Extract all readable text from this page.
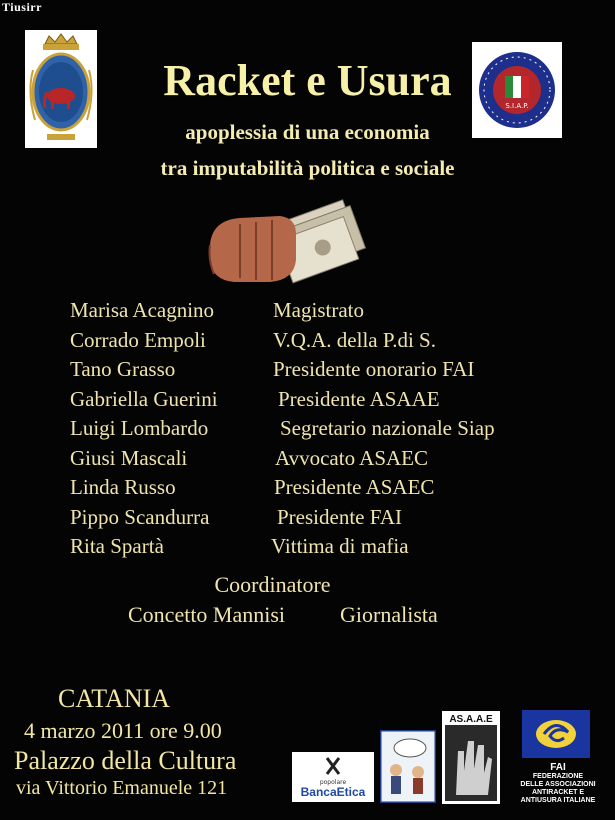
Tiusirr
S.I.A.P.
Racket e Usura
apoplessia di una economia
tra imputabilità politica e sociale
Marisa Acagnino	Magistrato
Corrado Empoli	V.Q.A. della P.di S.
Tano Grasso	Presidente onorario FAI
Gabriella Guerini	Presidente ASAAE
Luigi Lombardo	Segretario nazionale Siap
Giusi Mascali	Avvocato ASAEC
Linda Russo	Presidente ASAEC
Pippo Scandurra	Presidente FAI
Rita Spartà	Vittima di mafia
Coordinatore
Concetto Mannisi Giornalista
CATANIA
4 marzo 2011 ore 9.00
Palazzo della Cultura
via Vittorio Emanuele 121	popolare
BancaEtica
AS.A.A.E
FAI
FEDERAZIONE
DELLE ASSOCIAZIONI
ANTIRACKET E
ANTIUSURA ITALIANE
